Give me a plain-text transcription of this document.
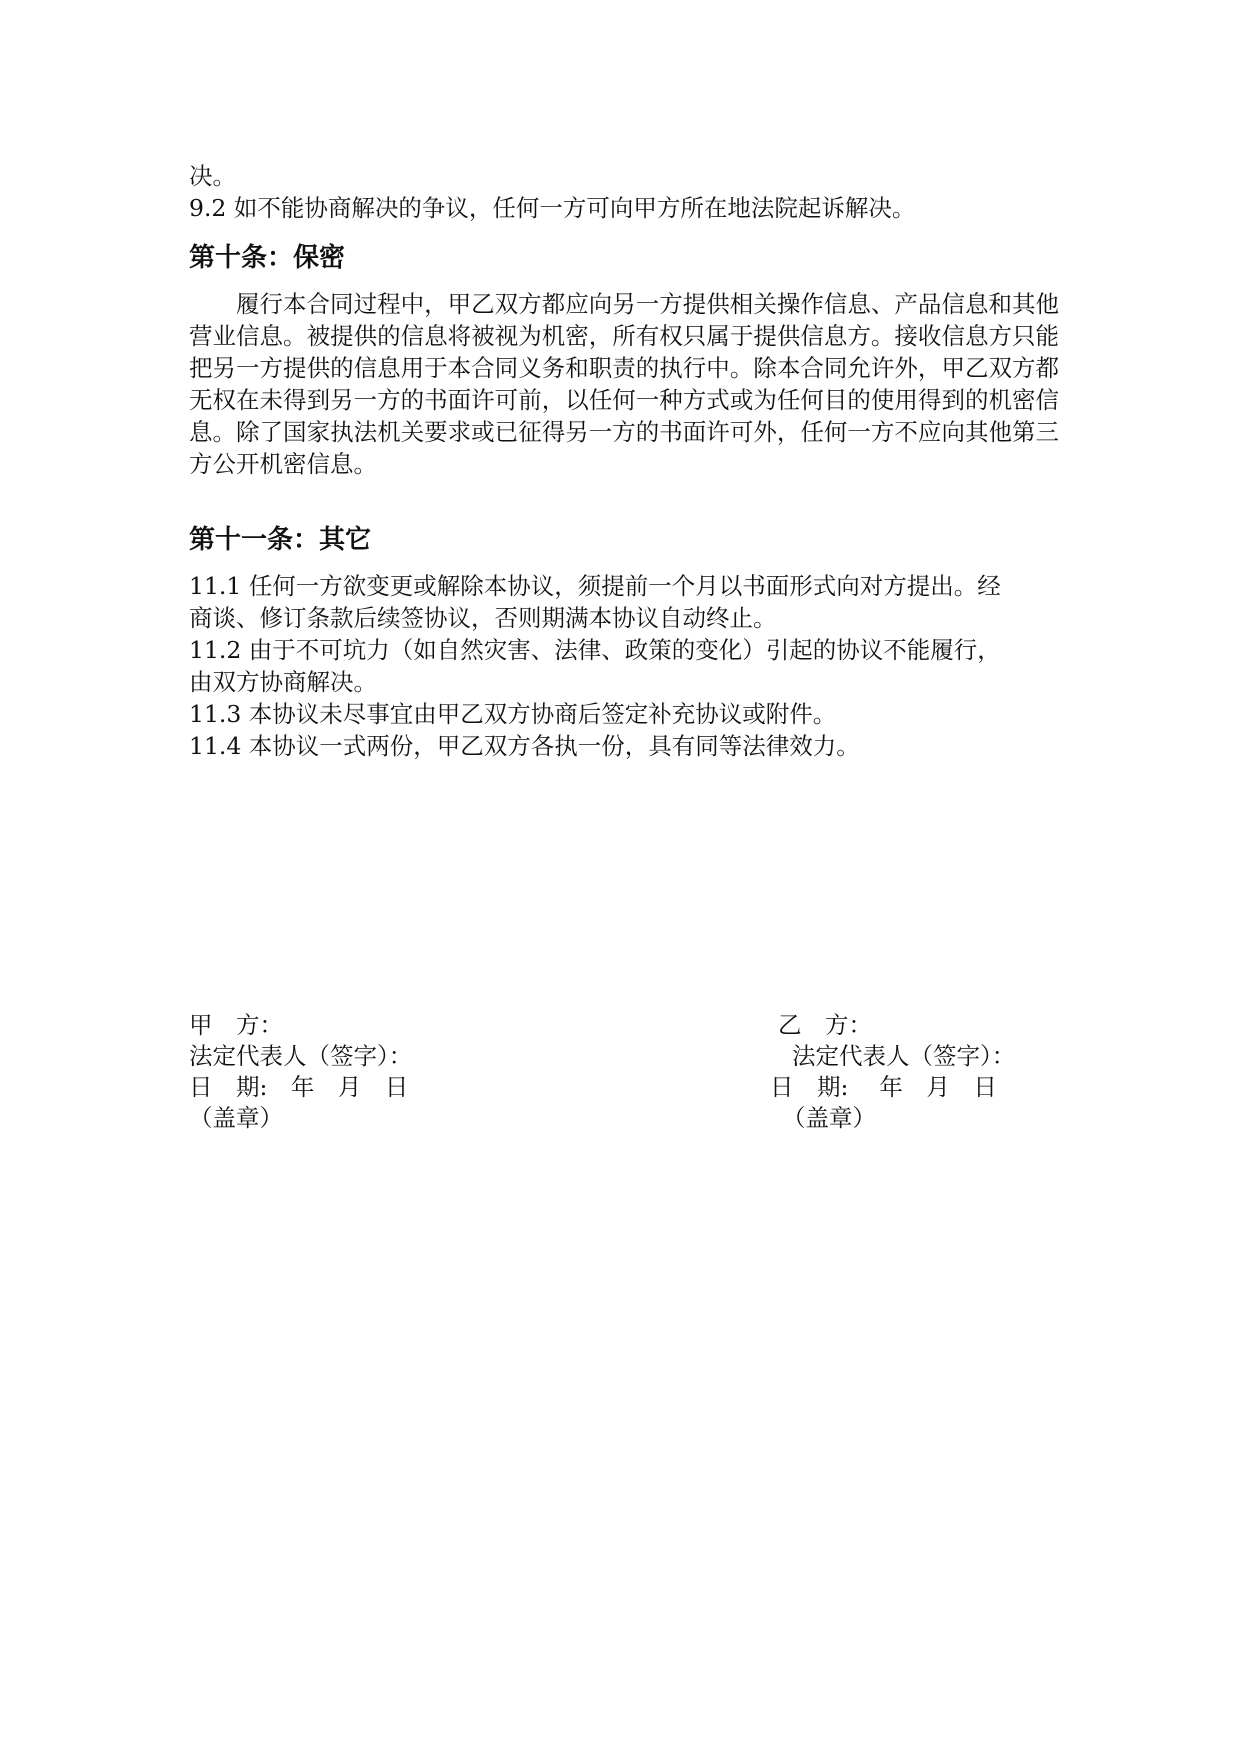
决。

9.2 如不能协商解决的争议，任何一方可向甲方所在地法院起诉解决。

第十条：保密

履行本合同过程中，甲乙双方都应向另一方提供相关操作信息、产品信息和其他营业信息。被提供的信息将被视为机密，所有权只属于提供信息方。接收信息方只能把另一方提供的信息用于本合同义务和职责的执行中。除本合同允许外，甲乙双方都无权在未得到另一方的书面许可前，以任何一种方式或为任何目的使用得到的机密信息。除了国家执法机关要求或已征得另一方的书面许可外，任何一方不应向其他第三方公开机密信息。

第十一条：其它

11.1 任何一方欲变更或解除本协议，须提前一个月以书面形式向对方提出。经

商谈、修订条款后续签协议，否则期满本协议自动终止。

11.2 由于不可坑力（如自然灾害、法律、政策的变化）引起的协议不能履行，

由双方协商解决。

11.3 本协议未尽事宜由甲乙双方协商后签定补充协议或附件。

11.4 本协议一式两份，甲乙双方各执一份，具有同等法律效力。

甲　方：
法定代表人（签字）：
日　期:　年　月　日
（盖章）
乙　方：
法定代表人（签字）：
日　期:　 年　月　日
（盖章）
